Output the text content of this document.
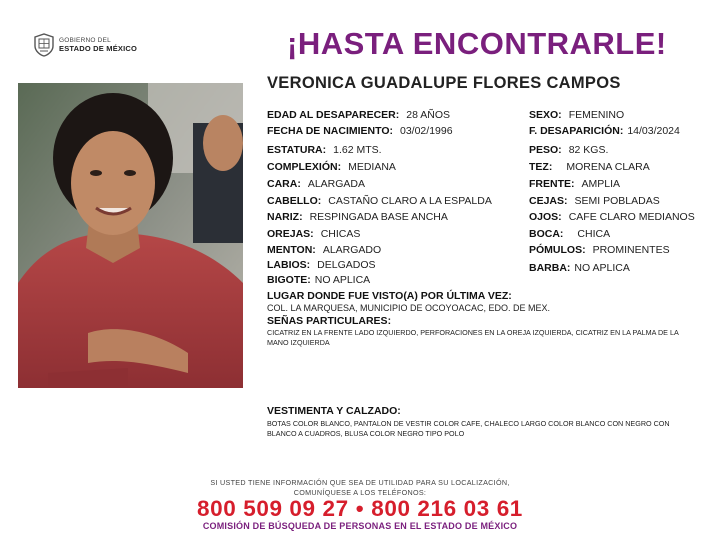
GOBIERNO DEL
ESTADO DE MÉXICO	¡HASTA ENCONTRARLE!
VERONICA GUADALUPE FLORES CAMPOS
EDAD AL DESAPARECER: 28 AÑOS
FECHA DE NACIMIENTO: 03/02/1996
ESTATURA: 1.62 MTS.
COMPLEXIÓN: MEDIANA
CARA: ALARGADA
CABELLO: CASTAÑO CLARO A LA ESPALDA
NARIZ: RESPINGADA BASE ANCHA
OREJAS: CHICAS
MENTON: ALARGADO
LABIOS: DELGADOS
BIGOTE: NO APLICA
SEXO: FEMENINO
F. DESAPARICIÓN: 14/03/2024
PESO: 82 KGS.
TEZ: MORENA CLARA
FRENTE: AMPLIA
CEJAS: SEMI POBLADAS
OJOS: CAFE CLARO MEDIANOS
BOCA: CHICA
PÓMULOS: PROMINENTES
BARBA: NO APLICA
LUGAR DONDE FUE VISTO(A) POR ÚLTIMA VEZ:
COL. LA MARQUESA, MUNICIPIO DE OCOYOACAC, EDO. DE MEX.
SEÑAS PARTICULARES:
CICATRIZ EN LA FRENTE LADO IZQUIERDO, PERFORACIONES EN LA OREJA IZQUIERDA, CICATRIZ EN LA PALMA DE LA MANO IZQUIERDA
VESTIMENTA Y CALZADO:
BOTAS COLOR BLANCO, PANTALON DE VESTIR COLOR CAFE, CHALECO LARGO COLOR BLANCO CON NEGRO CON BLANCO A CUADROS, BLUSA COLOR NEGRO TIPO POLO
SI USTED TIENE INFORMACIÓN QUE SEA DE UTILIDAD PARA SU LOCALIZACIÓN,
COMUNÍQUESE A LOS TELÉFONOS:
800 509 09 27 • 800 216 03 61
COMISIÓN DE BÚSQUEDA DE PERSONAS EN EL ESTADO DE MÉXICO
